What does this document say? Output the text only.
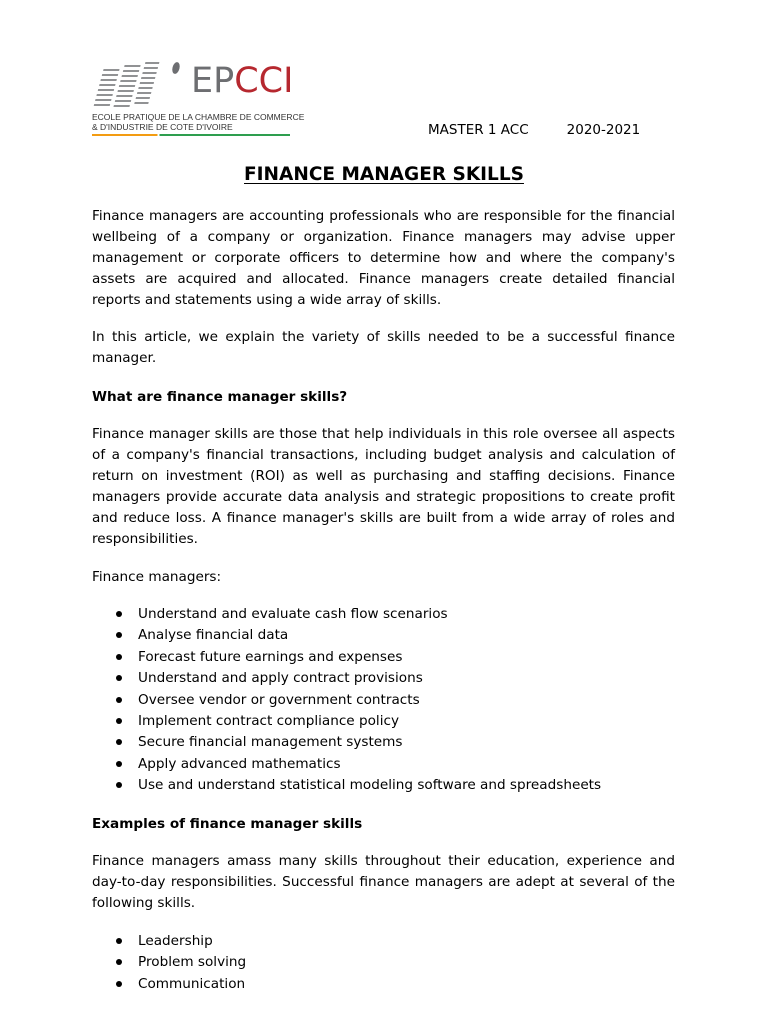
EPCCI
ECOLE PRATIQUE DE LA CHAMBRE DE COMMERCE
& D'INDUSTRIE DE COTE D'IVOIRE	MASTER 1 ACC	2020-2021
FINANCE MANAGER SKILLS

Finance managers are accounting professionals who are responsible for the financial wellbeing of a company or organization. Finance managers may advise upper management or corporate officers to determine how and where the company's assets are acquired and allocated. Finance managers create detailed financial reports and statements using a wide array of skills.

In this article, we explain the variety of skills needed to be a successful finance manager.

What are finance manager skills?

Finance manager skills are those that help individuals in this role oversee all aspects of a company's financial transactions, including budget analysis and calculation of return on investment (ROI) as well as purchasing and staffing decisions. Finance managers provide accurate data analysis and strategic propositions to create profit and reduce loss. A finance manager's skills are built from a wide array of roles and responsibilities.

Finance managers:

Understand and evaluate cash flow scenarios
Analyse financial data
Forecast future earnings and expenses
Understand and apply contract provisions
Oversee vendor or government contracts
Implement contract compliance policy
Secure financial management systems
Apply advanced mathematics
Use and understand statistical modeling software and spreadsheets

Examples of finance manager skills

Finance managers amass many skills throughout their education, experience and day-to-day responsibilities. Successful finance managers are adept at several of the following skills.

Leadership
Problem solving
Communication
